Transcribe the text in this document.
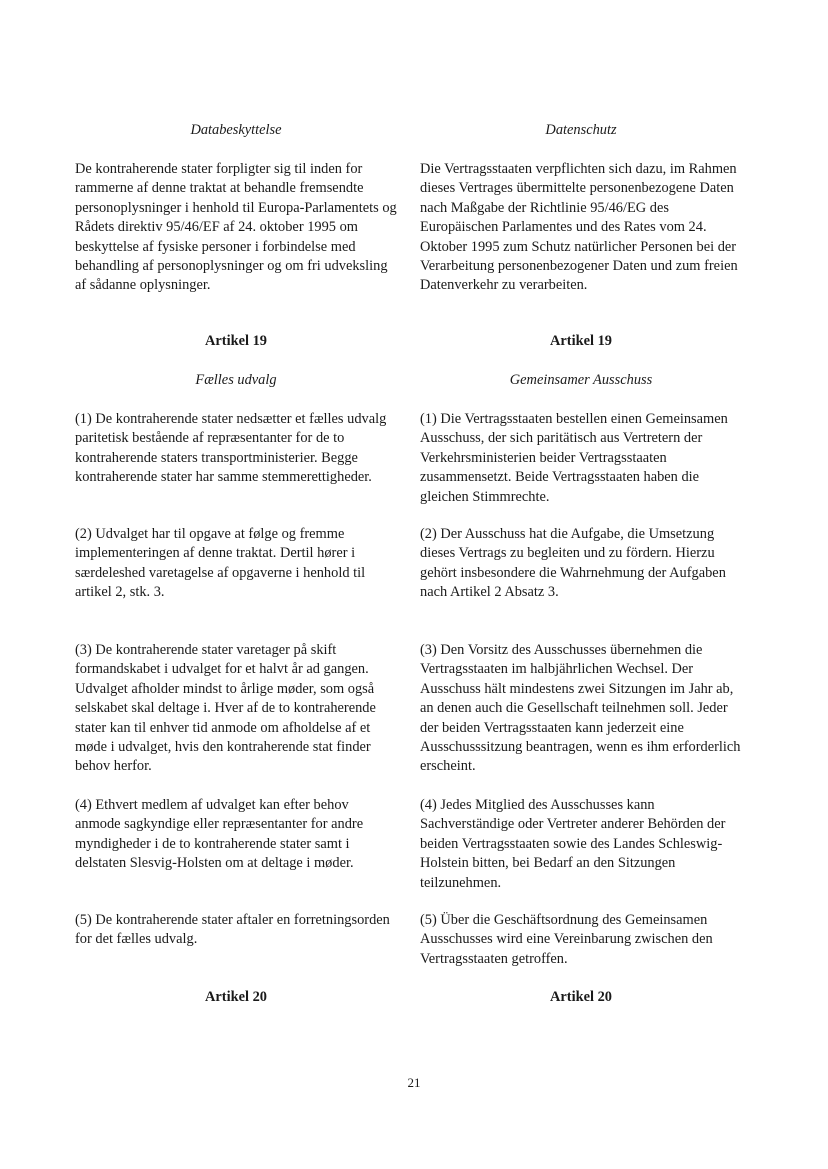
Databeskyttelse
De kontraherende stater forpligter sig til inden for rammerne af denne traktat at behandle fremsendte personoplysninger i henhold til Europa-Parlamentets og Rådets direktiv 95/46/EF af 24. oktober 1995 om beskyttelse af fysiske personer i forbindelse med behandling af personoplysninger og om fri udveksling af sådanne oplysninger.
Artikel 19
Fælles udvalg
(1) De kontraherende stater nedsætter et fælles udvalg paritetisk bestående af repræsentanter for de to kontraherende staters transportministerier. Begge kontraherende stater har samme stemmerettigheder.
(2) Udvalget har til opgave at følge og fremme implementeringen af denne traktat. Dertil hører i særdeleshed varetagelse af opgaverne i henhold til artikel 2, stk. 3.
(3) De kontraherende stater varetager på skift formandskabet i udvalget for et halvt år ad gangen. Udvalget afholder mindst to årlige møder, som også selskabet skal deltage i. Hver af de to kontraherende stater kan til enhver tid anmode om afholdelse af et møde i udvalget, hvis den kontraherende stat finder behov herfor.
(4) Ethvert medlem af udvalget kan efter behov anmode sagkyndige eller repræsentanter for andre myndigheder i de to kontraherende stater samt i delstaten Slesvig-Holsten om at deltage i møder.
(5) De kontraherende stater aftaler en forretningsorden for det fælles udvalg.
Artikel 20
Datenschutz
Die Vertragsstaaten verpflichten sich dazu, im Rahmen dieses Vertrages übermittelte personenbezogene Daten nach Maßgabe der Richtlinie 95/46/EG des Europäischen Parlamentes und des Rates vom 24. Oktober 1995 zum Schutz natürlicher Personen bei der Verarbeitung personenbezogener Daten und zum freien Datenverkehr zu verarbeiten.
Artikel 19
Gemeinsamer Ausschuss
(1) Die Vertragsstaaten bestellen einen Gemeinsamen Ausschuss, der sich paritätisch aus Vertretern der Verkehrsministerien beider Vertragsstaaten zusammensetzt. Beide Vertragsstaaten haben die gleichen Stimmrechte.
(2) Der Ausschuss hat die Aufgabe, die Umsetzung dieses Vertrags zu begleiten und zu fördern. Hierzu gehört insbesondere die Wahrnehmung der Aufgaben nach Artikel 2 Absatz 3.
(3) Den Vorsitz des Ausschusses übernehmen die Vertragsstaaten im halbjährlichen Wechsel. Der Ausschuss hält mindestens zwei Sitzungen im Jahr ab, an denen auch die Gesellschaft teilnehmen soll. Jeder der beiden Vertragsstaaten kann jederzeit eine Ausschusssitzung beantragen, wenn es ihm erforderlich erscheint.
(4) Jedes Mitglied des Ausschusses kann Sachverständige oder Vertreter anderer Behörden der beiden Vertragsstaaten sowie des Landes Schleswig-Holstein bitten, bei Bedarf an den Sitzungen teilzunehmen.
(5) Über die Geschäftsordnung des Gemeinsamen Ausschusses wird eine Vereinbarung zwischen den Vertragsstaaten getroffen.
Artikel 20
21
